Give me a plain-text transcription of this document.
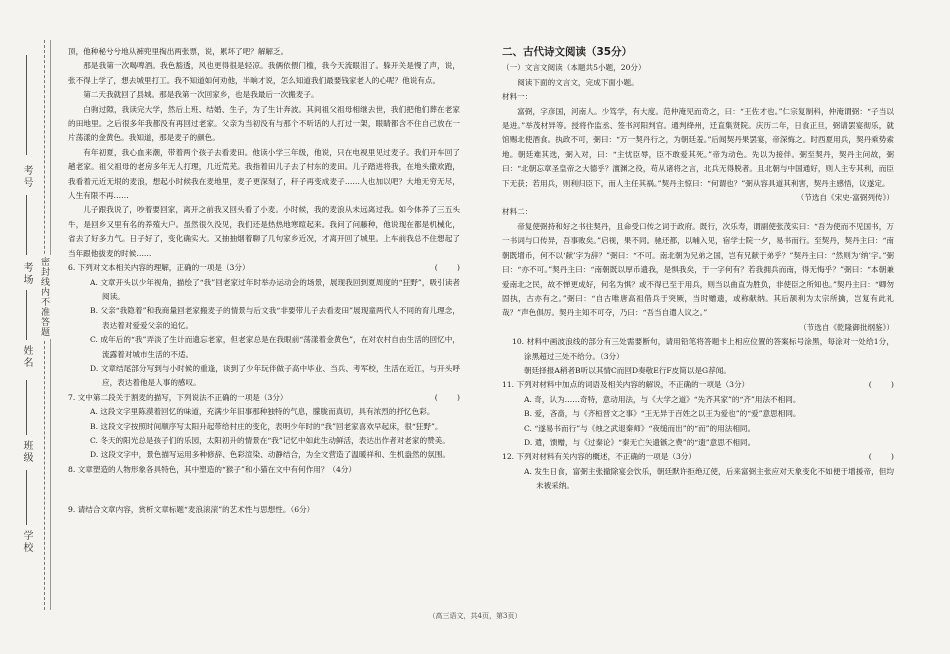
考号
考场
姓名
班级
学校
密封线内不准答题

顶，他种秘兮兮地从裤兜里掏出两张票，说，累坏了吧？解解乏。

那是我第一次喝啤酒。我色豁透，风也更得很是轻凉。我俩依偎门槛，我今天流眼泪了。躲开关是慢了声，说，张不得上学了，想去城里打工。我不知道如何劝他，半晌才说，怎么知道我们最要钱家老人的心呢？他说有点。

第二天我就回了县城。那是我第一次回家乡，也是我最后一次搬麦子。

白驹过隙，我读完大学，然后上班、结婚、生子，为了生计奔波。其间祖父祖母相继去世，我们把他们葬在老家的田地里。之后很多年我都没有再回过老家。父亲为当初没有与那个不听话的人打过一架，眼睛都含不住自己放在一片荡漾的金黄色。我知道，那是麦子的颜色。

有年初夏，我心血来潮，带着两个孩子去看麦田。他读小学三年级，他说，只在电视里见过麦子。我们开车回了趟老家。祖父祖母的老房多年无人打理，几近荒芜。我指着田儿子去了村东的麦田。儿子踏进将我，在地头撒欢跑，我看着元近无垠的麦浪，想起小时候我在麦地里，麦子更深刻了，秆子再变成麦子……人也加以吧？大地无穷无尽，人生有限不再……

儿子跟我说了，吵着要回家，离开之前我又回头看了小麦。小时候，我的麦浪从未远离过我。如今体养了三五头牛，是回乡又里有名的养殖大户。虽然很久没见，我们还是热热地寒暄起来。我问了问藤种，他说现在都是机械化，省去了好多力气。日子好了，变化确实大。又抽抽烟着聊了几句家乡近况，才离开回了城里。上车前我总不住想起了当年跟他拔麦的时候……

6. 下列对文本相关内容的理解，正确的一项是（3分）	(        )

A. 文章开头以少年视角，描绘了“我”回老家过年时举办运动会的场景，展现我回到夏周度的“狂野”，吸引读者阅读。

B. 父亲“我隐着”和我商量回老家搬麦子的情景与后文我“非要带儿子去看麦田”展现童两代人不同的育儿理念，表达着对爱爱父亲的追忆。

C. 成年后的“我”弄淡了生计而遗忘老家，但老家总是在我眼前“荡漾着金黄色”，在对农村自由生活的回忆中，流露着对城市生活的不适。

D. 文章结尾部分写到与小时候的重逢，谈到了少年玩伴做子高中毕业、当兵、考军校，生活在近江，与开头呼应，表达着他是人事的感叹。

7. 文中第二段关于割麦的描写，下列说法不正确的一项是（3分）	(        )

A. 这段文字里陈漠着回忆的味道，充满少年旧事那种独特的气息，朦胧而真切，具有浓烈的抒忆色彩。

B. 这段文字按照时间顺序写太阳升起带给村庄的变化，表明少年时的“我”回老家喜欢早起床，很“狂野”。

C. 冬天的阳光总是孩子们的乐园，太阳初升的情景在“我”记忆中如此生动鲜活，表达出作者对老家的赞美。

D. 这段文字中，景色描写运用多种修辞、色彩渲染、动静结合，为全文营造了温暖祥和、生机盎然的氛围。

8. 文章塑造的人物形象各具特色，其中塑造的“猴子”和小猫在文中有何作用？（4分）

9. 请结合文章内容，赏析文章标题“麦浪滚滚”的艺术性与思想性。（6分）

二、古代诗文阅读（35分）

（一）文言文阅读（本题共5小题，20分）

阅读下面的文言文，完成下面小题。

材料一：

富弼，字彦国，河南人。少笃学，有大度。范仲淹见而奇之，曰：“王佐才也。”仁宗复制科，仲淹谓弼：“子当以是进。”举茂材异等。授将作监丞、签书河阳判官。通判绛州，迁直集贤院。庆历二年，日食正旦，弼请罢宴彻乐，就馆赐北使酒食。执政不可，弼曰：“万一契丹行之，为朝廷羞。”后闻契丹果罢宴，帝深悔之。时西夏用兵，契丹乘势索地。朝廷难其选，弼入对，曰：“主忧臣辱，臣不敢爱其死。”帝为动色。先以为接伴。弼至契丹，契丹主问故，弼曰：“北朝忘章圣皇帝之大德乎？澶渊之役，苟从诸将之言，北兵无得脱者。且北朝与中国通好，则人主专其利，而臣下无获；若用兵，则利归臣下，而人主任其祸。”契丹主惊曰：“何谓也？”弼从容具道其利害，契丹主感悟，议遂定。

（节选自《宋史·富弼列传》）

材料二：

帝复使弼持和好之书往契丹，且命受口传之词于政府。既行，次乐寿，谓副使张茂实曰：“吾为使而不见国书，万一书词与口传异，吾事败矣。”启视，果不同。驰还都，以晡入见，宿学士院一夕，易书而行。至契丹，契丹主曰：“南朝既增币，何不以‘献’字为辞？”弼曰：“不可。南北朝为兄弟之国，岂有兄献于弟乎？”契丹主曰：“然则为‘纳’字。”弼曰：“亦不可。”契丹主曰：“南朝既以厚币遗我，是惧我矣，于一字何有？若我拥兵而南，得无悔乎？”弼曰：“本朝兼爱南北之民，故不惮更成好，何名为惧？或不得已至于用兵，则当以曲直为胜负，非使臣之所知也。”契丹主曰：“卿勿固执，古亦有之。”弼曰：“自古唯唐高祖借兵于突厥，当时赠遗，或称献纳。其后颉利为太宗所擒，岂复有此礼哉？”声色俱厉。契丹主知不可夺，乃曰：“吾当自遣人议之。”

（节选自《乾隆御批纲鉴》）

10. 材料中画波浪线的部分有三处需要断句，请用铅笔将答题卡上相应位置的答案标号涂黑，每涂对一处给1分，涂黑超过三处不给分。（3分）

朝廷择报A稍者B听以其情C而回D奏敬E行F皮简以是G荐闻。

11. 下列对材料中加点的词语及相关内容的解说，不正确的一项是（3分）	(        )

A. 奇，认为……奇特，意动用法，与《大学之道》“先齐其家”的“齐”用法不相同。

B. 爱，吝啬，与《齐桓晋文之事》“王无异于百姓之以王为爱也”的“爱”意思相同。

C. “遂易书而行”与《烛之武退秦师》“夜缒而出”的“而”的用法相同。

D. 遣，馈赠，与《过秦论》“秦无亡矢遗镞之费”的“遗”意思不相同。

12. 下列对材料有关内容的概述，不正确的一项是（3分）	(        )

A. 发生日食，富弼主张撤除宴会饮乐，朝廷默许拒绝辽使，后来富弼主张应对天象变化不如便于增援帝，但均未被采纳。

（高三语文，共4页，第3页）
